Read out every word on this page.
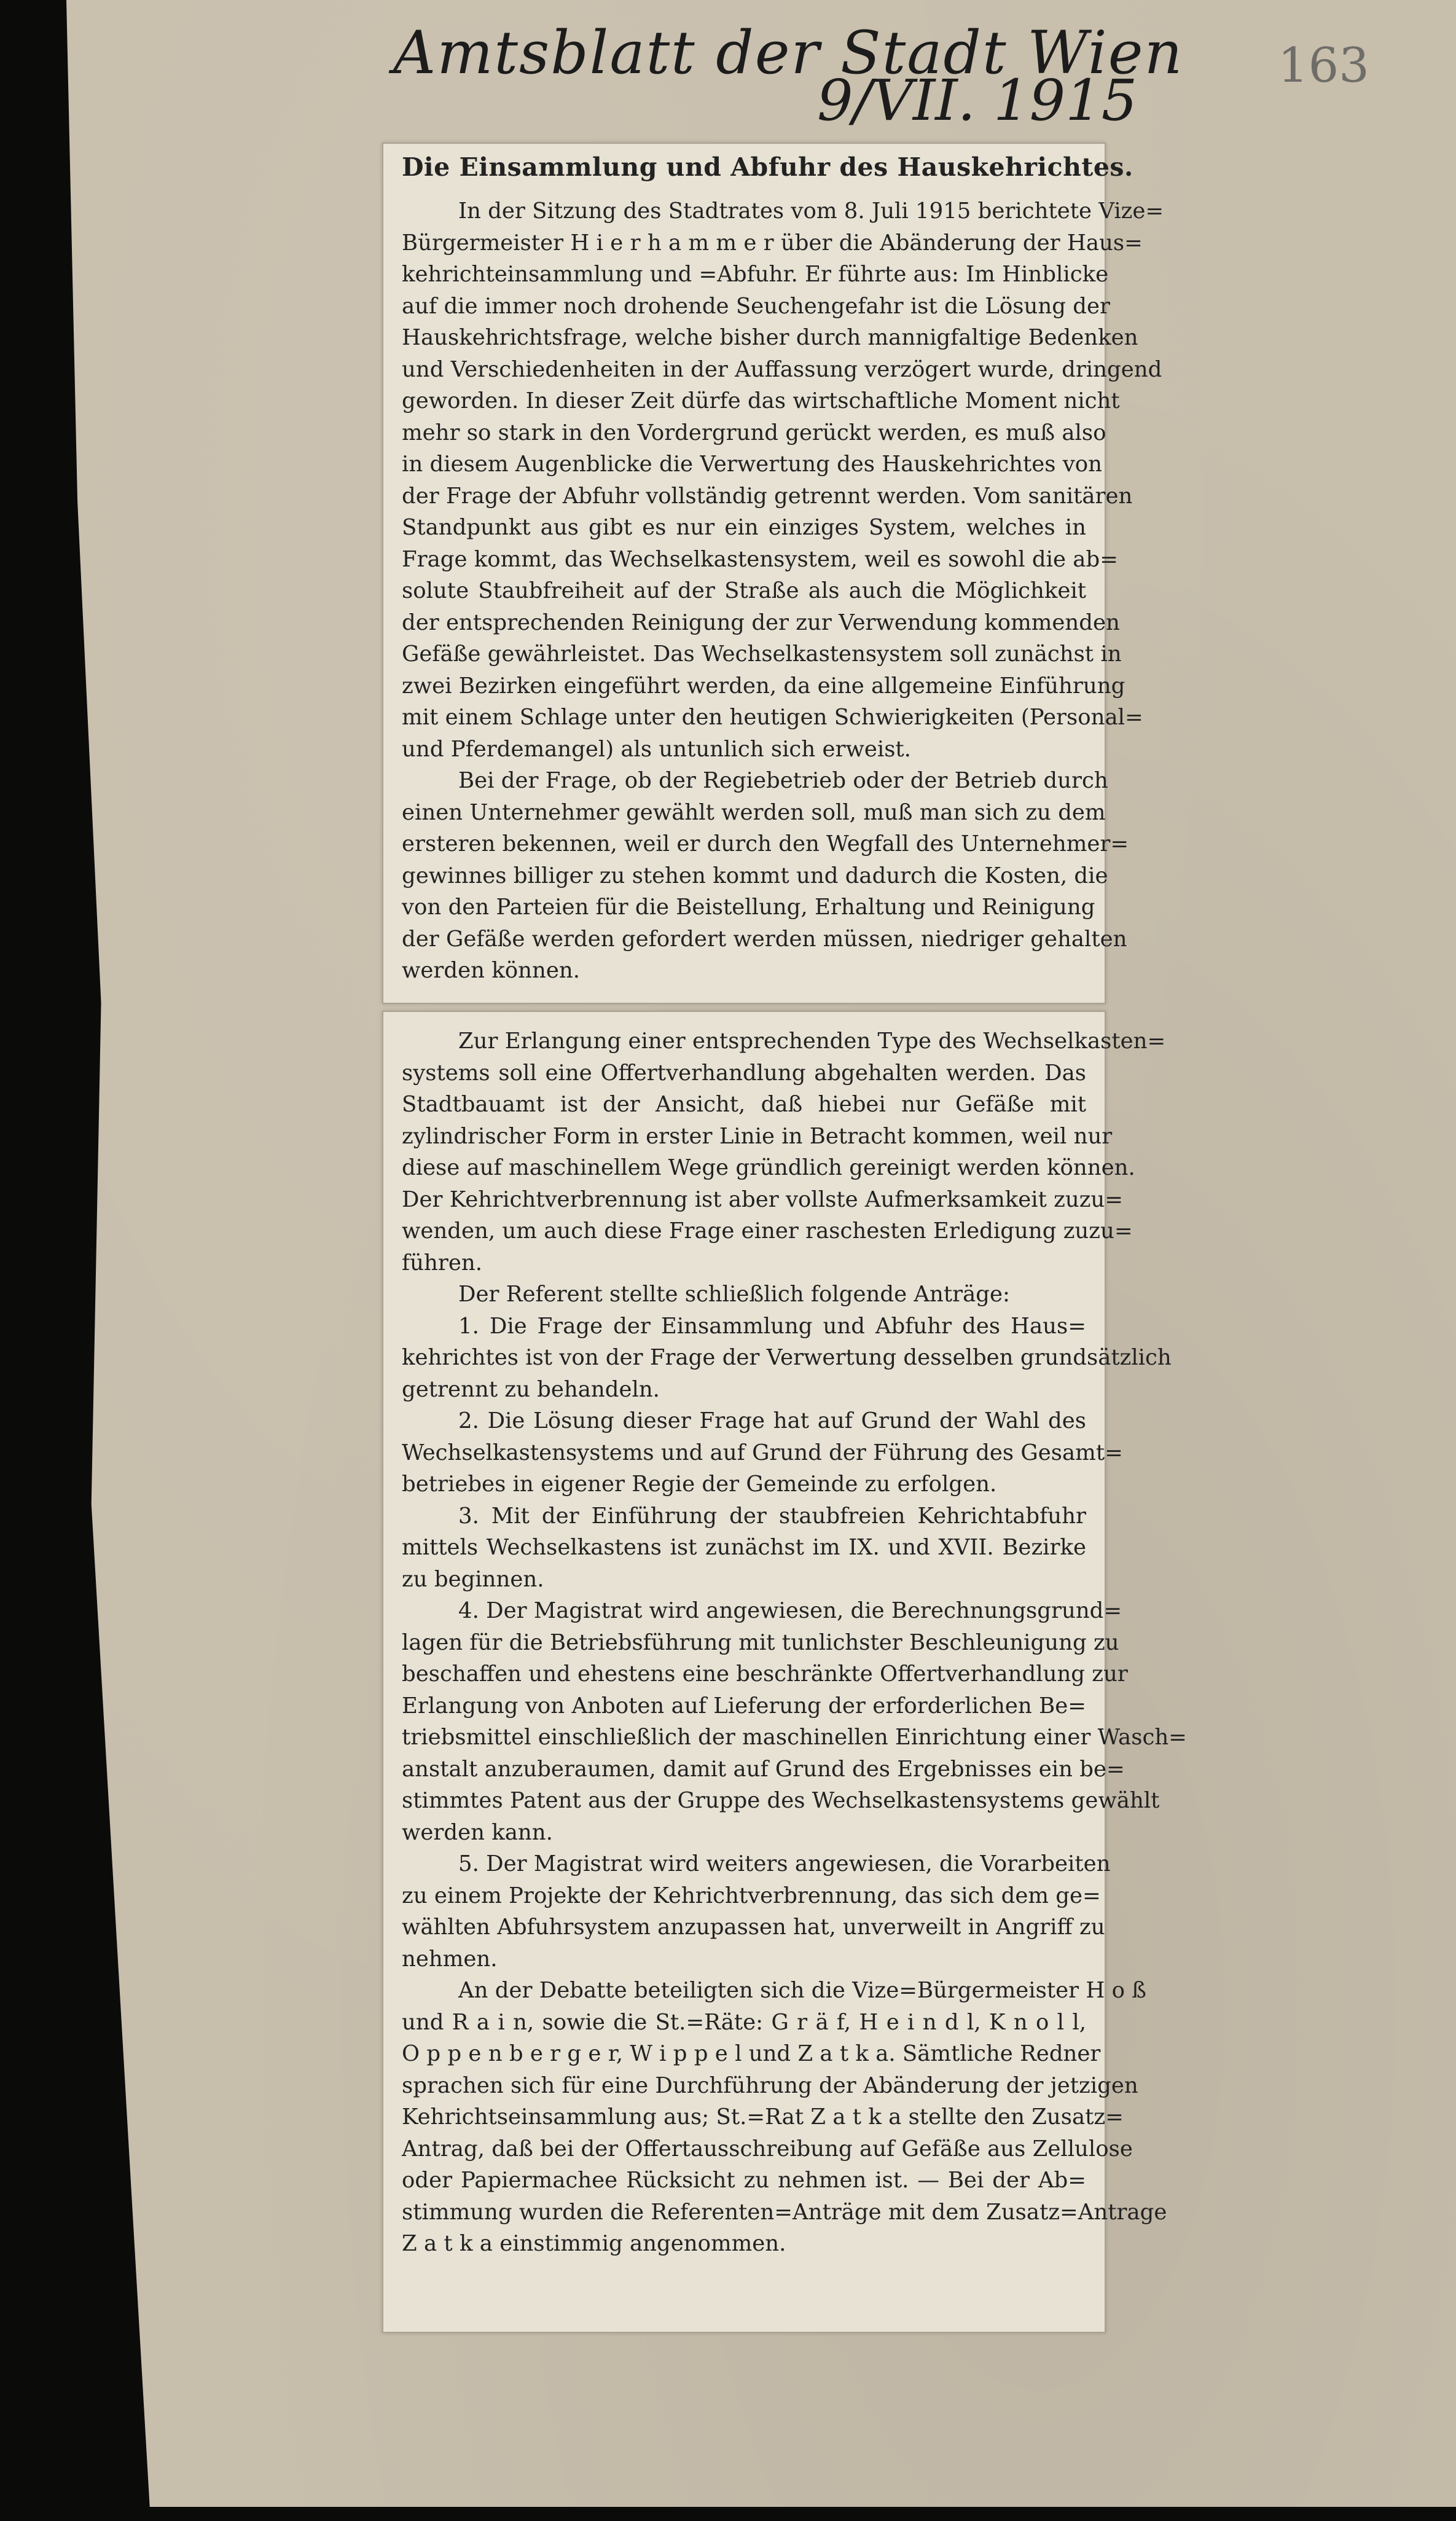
Amtsblatt der Stadt Wien
9/VII. 1915
163
Die Einsammlung und Abfuhr des Hauskehrichtes.
In der Sitzung des Stadtrates vom 8. Juli 1915 berichtete Vize=
Bürgermeister H i e r h a m m e r über die Abänderung der Haus=
kehrichteinsammlung und =Abfuhr. Er führte aus: Im Hinblicke
auf die immer noch drohende Seuchengefahr ist die Lösung der
Hauskehrichtsfrage, welche bisher durch mannigfaltige Bedenken
und Verschiedenheiten in der Auffassung verzögert wurde, dringend
geworden. In dieser Zeit dürfe das wirtschaftliche Moment nicht
mehr so stark in den Vordergrund gerückt werden, es muß also
in diesem Augenblicke die Verwertung des Hauskehrichtes von
der Frage der Abfuhr vollständig getrennt werden. Vom sanitären
Standpunkt aus gibt es nur ein einziges System, welches in
Frage kommt, das Wechselkastensystem, weil es sowohl die ab=
solute Staubfreiheit auf der Straße als auch die Möglichkeit
der entsprechenden Reinigung der zur Verwendung kommenden
Gefäße gewährleistet. Das Wechselkastensystem soll zunächst in
zwei Bezirken eingeführt werden, da eine allgemeine Einführung
mit einem Schlage unter den heutigen Schwierigkeiten (Personal=
und Pferdemangel) als untunlich sich erweist.
Bei der Frage, ob der Regiebetrieb oder der Betrieb durch
einen Unternehmer gewählt werden soll, muß man sich zu dem
ersteren bekennen, weil er durch den Wegfall des Unternehmer=
gewinnes billiger zu stehen kommt und dadurch die Kosten, die
von den Parteien für die Beistellung, Erhaltung und Reinigung
der Gefäße werden gefordert werden müssen, niedriger gehalten
werden können.
Zur Erlangung einer entsprechenden Type des Wechselkasten=
systems soll eine Offertverhandlung abgehalten werden. Das
Stadtbauamt ist der Ansicht, daß hiebei nur Gefäße mit
zylindrischer Form in erster Linie in Betracht kommen, weil nur
diese auf maschinellem Wege gründlich gereinigt werden können.
Der Kehrichtverbrennung ist aber vollste Aufmerksamkeit zuzu=
wenden, um auch diese Frage einer raschesten Erledigung zuzu=
führen.
Der Referent stellte schließlich folgende Anträge:
1. Die Frage der Einsammlung und Abfuhr des Haus=
kehrichtes ist von der Frage der Verwertung desselben grundsätzlich
getrennt zu behandeln.
2. Die Lösung dieser Frage hat auf Grund der Wahl des
Wechselkastensystems und auf Grund der Führung des Gesamt=
betriebes in eigener Regie der Gemeinde zu erfolgen.
3. Mit der Einführung der staubfreien Kehrichtabfuhr
mittels Wechselkastens ist zunächst im IX. und XVII. Bezirke
zu beginnen.
4. Der Magistrat wird angewiesen, die Berechnungsgrund=
lagen für die Betriebsführung mit tunlichster Beschleunigung zu
beschaffen und ehestens eine beschränkte Offertverhandlung zur
Erlangung von Anboten auf Lieferung der erforderlichen Be=
triebsmittel einschließlich der maschinellen Einrichtung einer Wasch=
anstalt anzuberaumen, damit auf Grund des Ergebnisses ein be=
stimmtes Patent aus der Gruppe des Wechselkastensystems gewählt
werden kann.
5. Der Magistrat wird weiters angewiesen, die Vorarbeiten
zu einem Projekte der Kehrichtverbrennung, das sich dem ge=
wählten Abfuhrsystem anzupassen hat, unverweilt in Angriff zu
nehmen.
An der Debatte beteiligten sich die Vize=Bürgermeister H o ß
und R a i n, sowie die St.=Räte: G r ä f, H e i n d l, K n o l l,
O p p e n b e r g e r, W i p p e l und Z a t k a. Sämtliche Redner
sprachen sich für eine Durchführung der Abänderung der jetzigen
Kehrichtseinsammlung aus; St.=Rat Z a t k a stellte den Zusatz=
Antrag, daß bei der Offertausschreibung auf Gefäße aus Zellulose
oder Papiermachee Rücksicht zu nehmen ist. — Bei der Ab=
stimmung wurden die Referenten=Anträge mit dem Zusatz=Antrage
Z a t k a einstimmig angenommen.
